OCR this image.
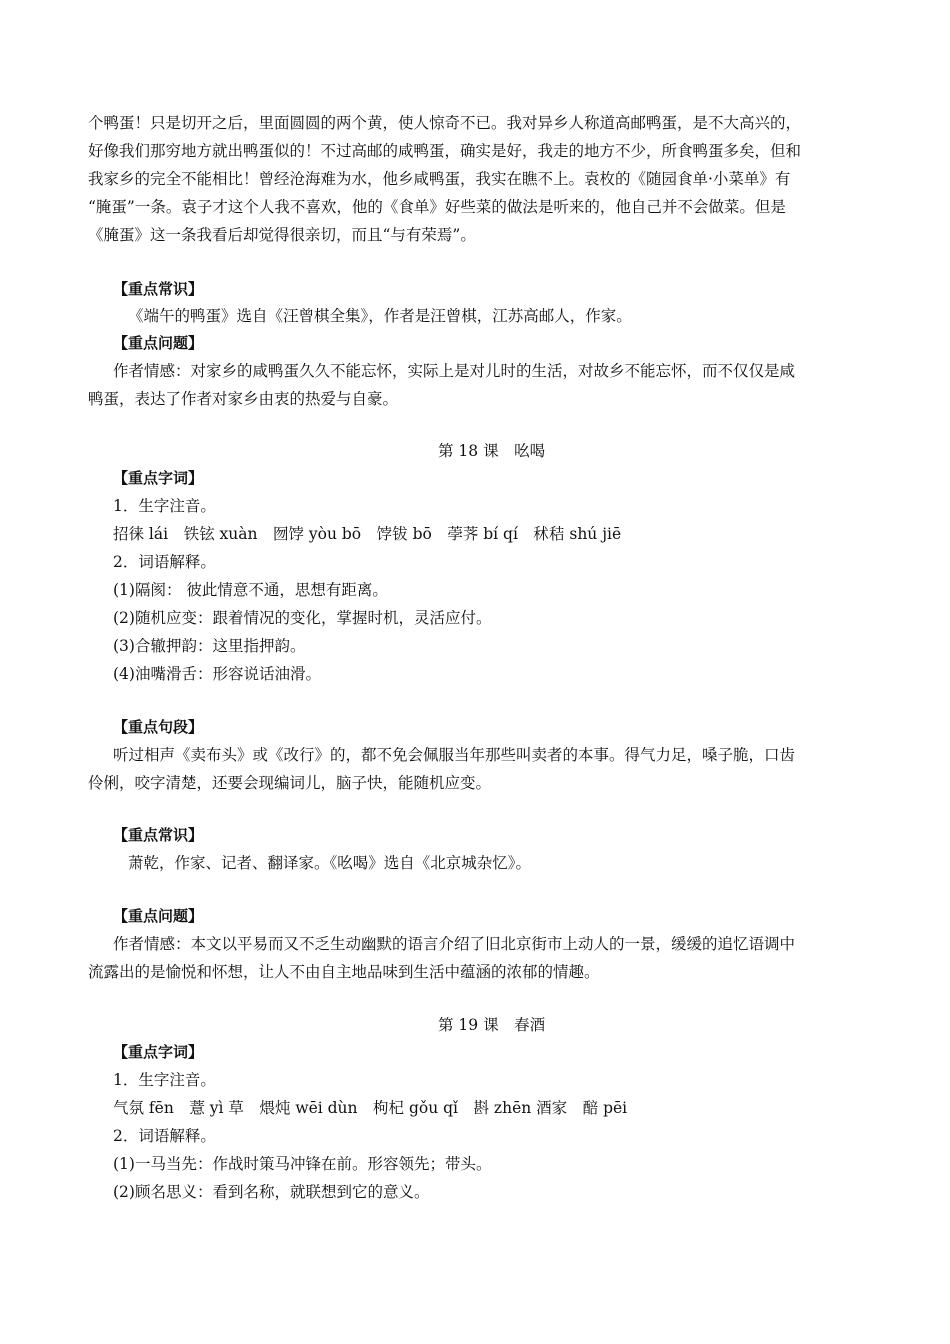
个鸭蛋！只是切开之后，里面圆圆的两个黄，使人惊奇不已。我对异乡人称道高邮鸭蛋，是不大高兴的，
好像我们那穷地方就出鸭蛋似的！不过高邮的咸鸭蛋，确实是好，我走的地方不少，所食鸭蛋多矣，但和
我家乡的完全不能相比！曾经沧海难为水，他乡咸鸭蛋，我实在瞧不上。袁枚的《随园食单·小菜单》有
“腌蛋”一条。袁子才这个人我不喜欢，他的《食单》好些菜的做法是听来的，他自己并不会做菜。但是
《腌蛋》这一条我看后却觉得很亲切，而且“与有荣焉”。
【重点常识】
《端午的鸭蛋》选自《汪曾棋全集》，作者是汪曾棋，江苏高邮人，作家。
【重点问题】
作者情感：对家乡的咸鸭蛋久久不能忘怀，实际上是对儿时的生活，对故乡不能忘怀，而不仅仅是咸
鸭蛋，表达了作者对家乡由衷的热爱与自豪。
第 18 课　吆喝
【重点字词】
1．生字注音。
招徕 lái　铁铉 xuàn　囫饽 yòu bō　饽钹 bō　荸荠 bí qí　秫秸 shú jiē
2．词语解释。
(1)隔阂： 彼此情意不通，思想有距离。
(2)随机应变：跟着情况的变化，掌握时机，灵活应付。
(3)合辙押韵：这里指押韵。
(4)油嘴滑舌：形容说话油滑。
【重点句段】
听过相声《卖布头》或《改行》的，都不免会佩服当年那些叫卖者的本事。得气力足，嗓子脆，口齿
伶俐，咬字清楚，还要会现编词儿，脑子快，能随机应变。
【重点常识】
萧乾，作家、记者、翻译家。《吆喝》选自《北京城杂忆》。
【重点问题】
作者情感：本文以平易而又不乏生动幽默的语言介绍了旧北京街市上动人的一景，缓缓的追忆语调中
流露出的是愉悦和怀想，让人不由自主地品味到生活中蕴涵的浓郁的情趣。
第 19 课　春酒
【重点字词】
1．生字注音。
气氛 fēn　薏 yì 草　煨炖 wēi dùn　枸杞 gǒu qǐ　斟 zhēn 酒家　醅 pēi
2．词语解释。
(1)一马当先：作战时策马冲锋在前。形容领先；带头。
(2)顾名思义：看到名称，就联想到它的意义。
